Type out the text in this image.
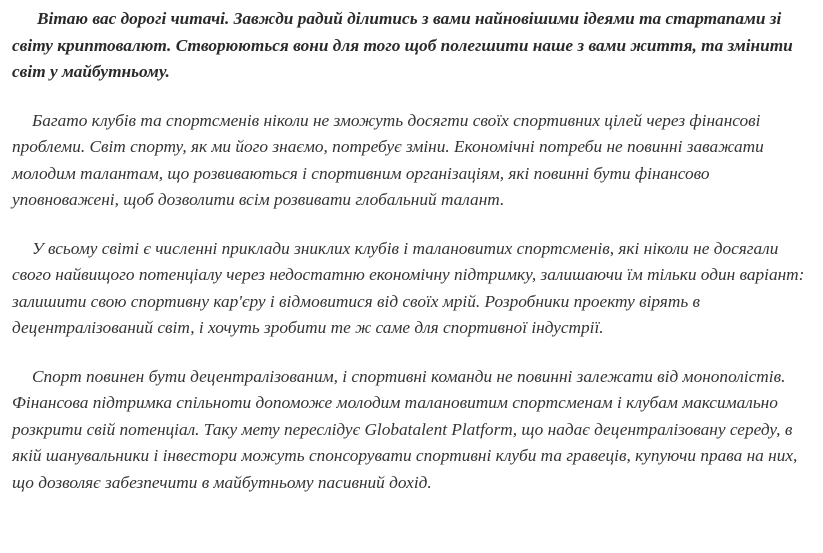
Вітаю вас дорогі читачі. Завжди радий ділитись з вами найновішими ідеями та стартапами зі світу криптовалют. Створюються вони для того щоб полегшити наше з вами життя, та змінити світ у майбутньому.

Багато клубів та спортсменів ніколи не зможуть досягти своїх спортивних цілей через фінансові проблеми. Світ спорту, як ми його знаємо, потребує зміни. Економічні потреби не повинні заважати молодим талантам, що розвиваються і спортивним організаціям, які повинні бути фінансово уповноважені, щоб дозволити всім розвивати глобальний талант.

У всьому світі є численні приклади зниклих клубів і талановитих спортсменів, які ніколи не досягали свого найвищого потенціалу через недостатню економічну підтримку, залишаючи їм тільки один варіант: залишити свою спортивну кар'єру і відмовитися від своїх мрій. Розробники проекту вірять в децентралізований світ, і хочуть зробити те ж саме для спортивної індустрії.

Спорт повинен бути децентралізованим, і спортивні команди не повинні залежати від монополістів. Фінансова підтримка спільноти допоможе молодим талановитим спортсменам і клубам максимально розкрити свій потенціал. Таку мету переслідує Globatalent Platform, що надає децентралізовану середу, в якій шанувальники і інвестори можуть спонсорувати спортивні клуби та гравеців, купуючи права на них, що дозволяє забезпечити в майбутньому пасивний дохід.
